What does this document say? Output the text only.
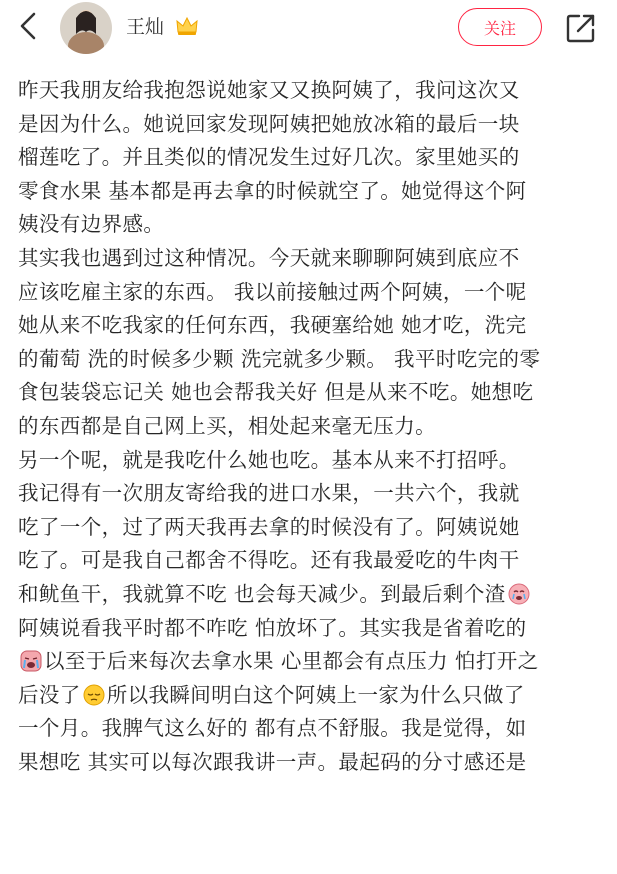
王灿	关注
昨天我朋友给我抱怨说她家又又换阿姨了，我问这次又
是因为什么。她说回家发现阿姨把她放冰箱的最后一块
榴莲吃了。并且类似的情况发生过好几次。家里她买的
零食水果 基本都是再去拿的时候就空了。她觉得这个阿
姨没有边界感。
其实我也遇到过这种情况。今天就来聊聊阿姨到底应不
应该吃雇主家的东西。 我以前接触过两个阿姨，一个呢
她从来不吃我家的任何东西，我硬塞给她 她才吃，洗完
的葡萄 洗的时候多少颗 洗完就多少颗。 我平时吃完的零
食包装袋忘记关 她也会帮我关好 但是从来不吃。她想吃
的东西都是自己网上买，相处起来毫无压力。
另一个呢，就是我吃什么她也吃。基本从来不打招呼。
我记得有一次朋友寄给我的进口水果，一共六个，我就
吃了一个，过了两天我再去拿的时候没有了。阿姨说她
吃了。可是我自己都舍不得吃。还有我最爱吃的牛肉干
和鱿鱼干，我就算不吃 也会每天减少。到最后剩个渣
阿姨说看我平时都不咋吃 怕放坏了。其实我是省着吃的
以至于后来每次去拿水果 心里都会有点压力 怕打开之
后没了 所以我瞬间明白这个阿姨上一家为什么只做了
一个月。我脾气这么好的 都有点不舒服。我是觉得，如
果想吃 其实可以每次跟我讲一声。最起码的分寸感还是
